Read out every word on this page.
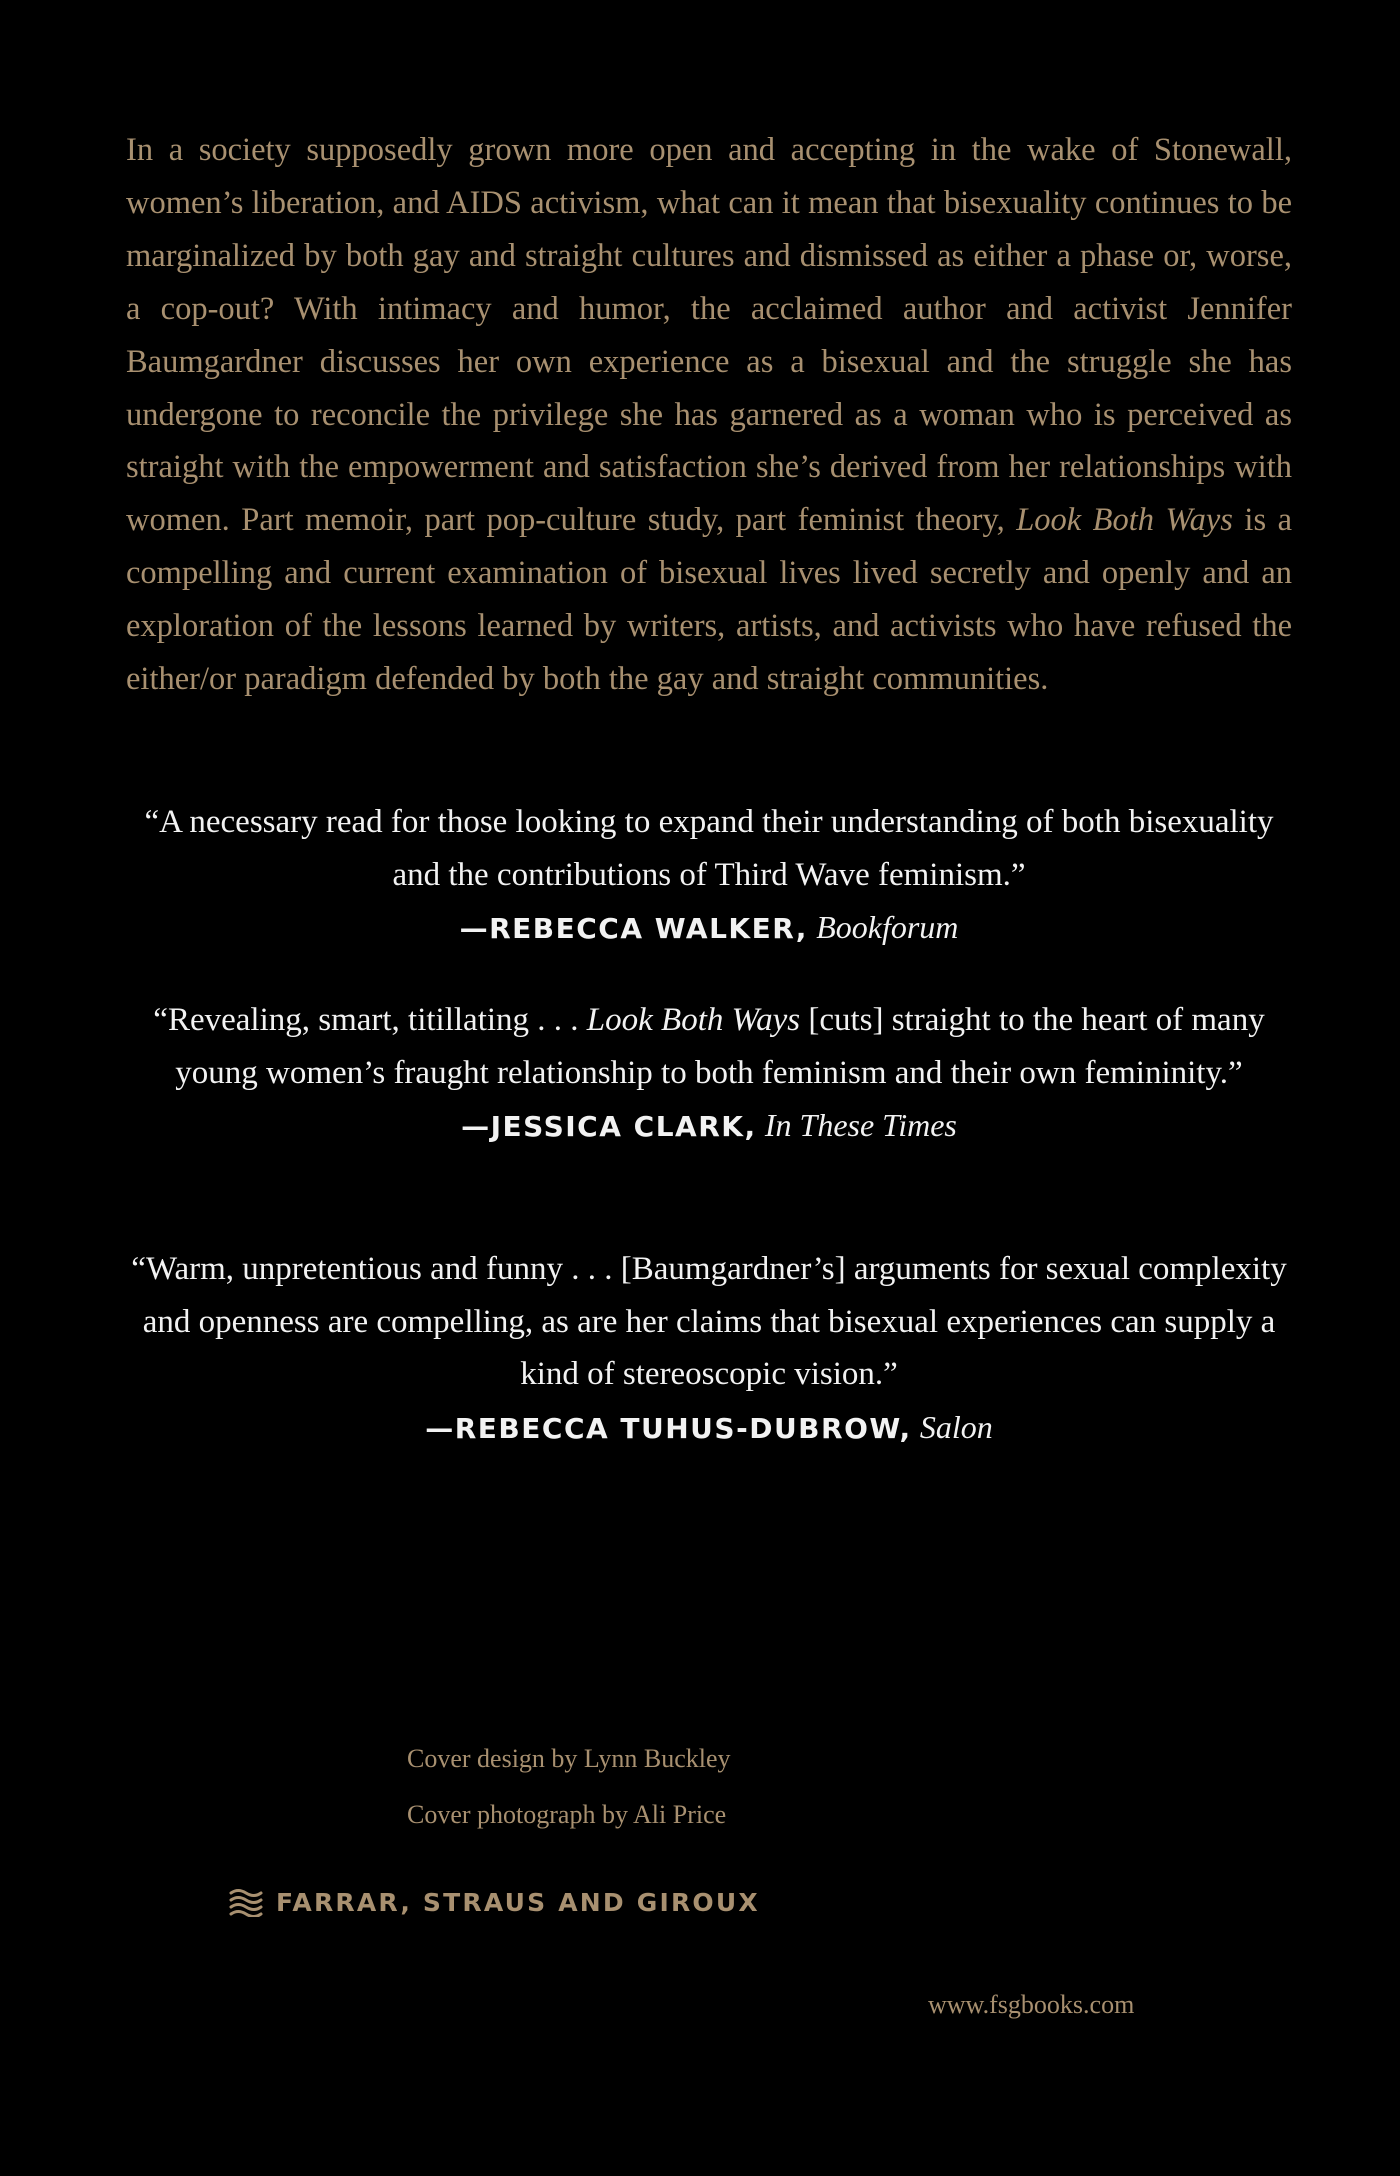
In a society supposedly grown more open and accepting in the wake of Stonewall, women’s liberation, and AIDS activism, what can it mean that bisexuality continues to be marginalized by both gay and straight cultures and dismissed as either a phase or, worse, a cop-out? With intimacy and humor, the acclaimed author and activist Jennifer Baumgardner discusses her own experience as a bisexual and the struggle she has undergone to reconcile the privilege she has garnered as a woman who is perceived as straight with the empowerment and satisfaction she’s derived from her relationships with women. Part memoir, part pop-culture study, part feminist theory, Look Both Ways is a compelling and current examination of bisexual lives lived secretly and openly and an exploration of the lessons learned by writers, artists, and activists who have refused the either/or paradigm defended by both the gay and straight communities.

“A necessary read for those looking to expand their understanding of both bisexuality and the contributions of Third Wave feminism.”

—REBECCA WALKER, Bookforum

“Revealing, smart, titillating . . . Look Both Ways [cuts] straight to the heart of many young women’s fraught relationship to both feminism and their own femininity.”

—JESSICA CLARK, In These Times

“Warm, unpretentious and funny . . . [Baumgardner’s] arguments for sexual complexity and openness are compelling, as are her claims that bisexual experiences can supply a kind of stereoscopic vision.”

—REBECCA TUHUS-DUBROW, Salon

Cover design by Lynn Buckley

Cover photograph by Ali Price

FARRAR, STRAUS AND GIROUX

www.fsgbooks.com
